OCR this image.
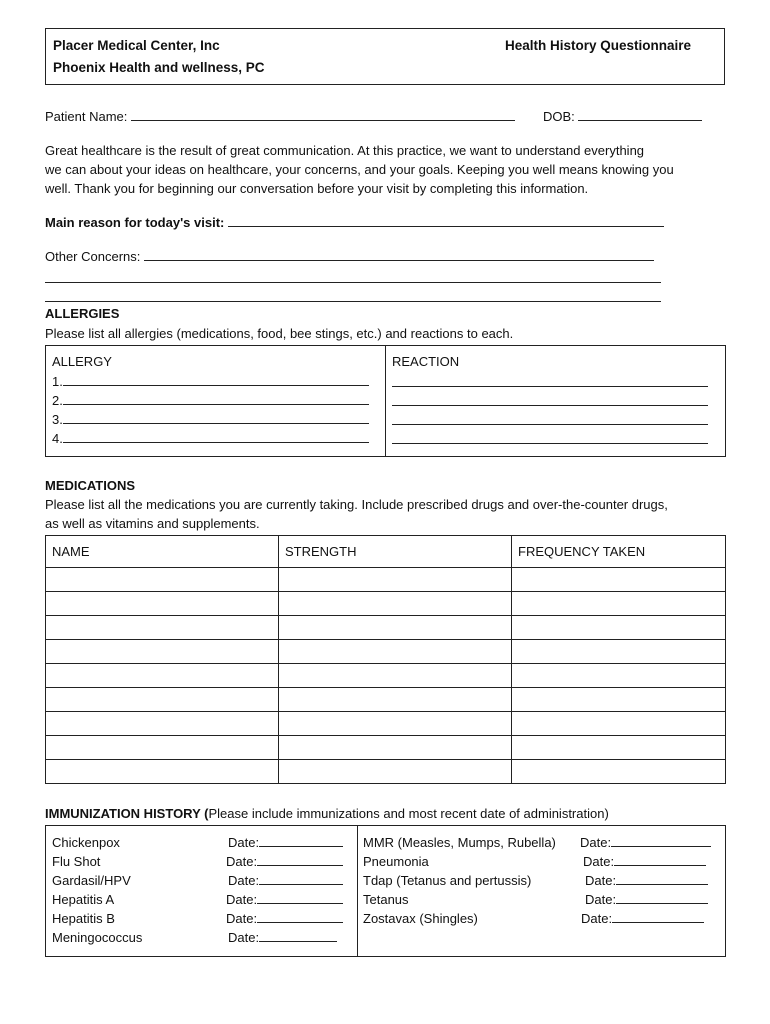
Placer Medical Center, Inc
Phoenix Health and wellness, PC
Health History Questionnaire
Patient Name:	DOB:
Great healthcare is the result of great communication. At this practice, we want to understand everything
we can about your ideas on healthcare, your concerns, and your goals. Keeping you well means knowing you
well. Thank you for beginning our conversation before your visit by completing this information.
Main reason for today's visit:
Other Concerns:
ALLERGIES
Please list all allergies (medications, food, bee stings, etc.) and reactions to each.
ALLERGY	REACTION
1.
2.
3.
4.
MEDICATIONS
Please list all the medications you are currently taking. Include prescribed drugs and over-the-counter drugs,
as well as vitamins and supplements.
NAME	STRENGTH	FREQUENCY TAKEN

IMMUNIZATION HISTORY (Please include immunizations and most recent date of administration)
Chickenpox	Date:
Flu Shot	Date:
Gardasil/HPV	Date:
Hepatitis A	Date:
Hepatitis B	Date:
Meningococcus	Date:
MMR (Measles, Mumps, Rubella) Date:
Pneumonia	Date:
Tdap (Tetanus and pertussis)	Date:
Tetanus	Date:
Zostavax (Shingles)	Date:
